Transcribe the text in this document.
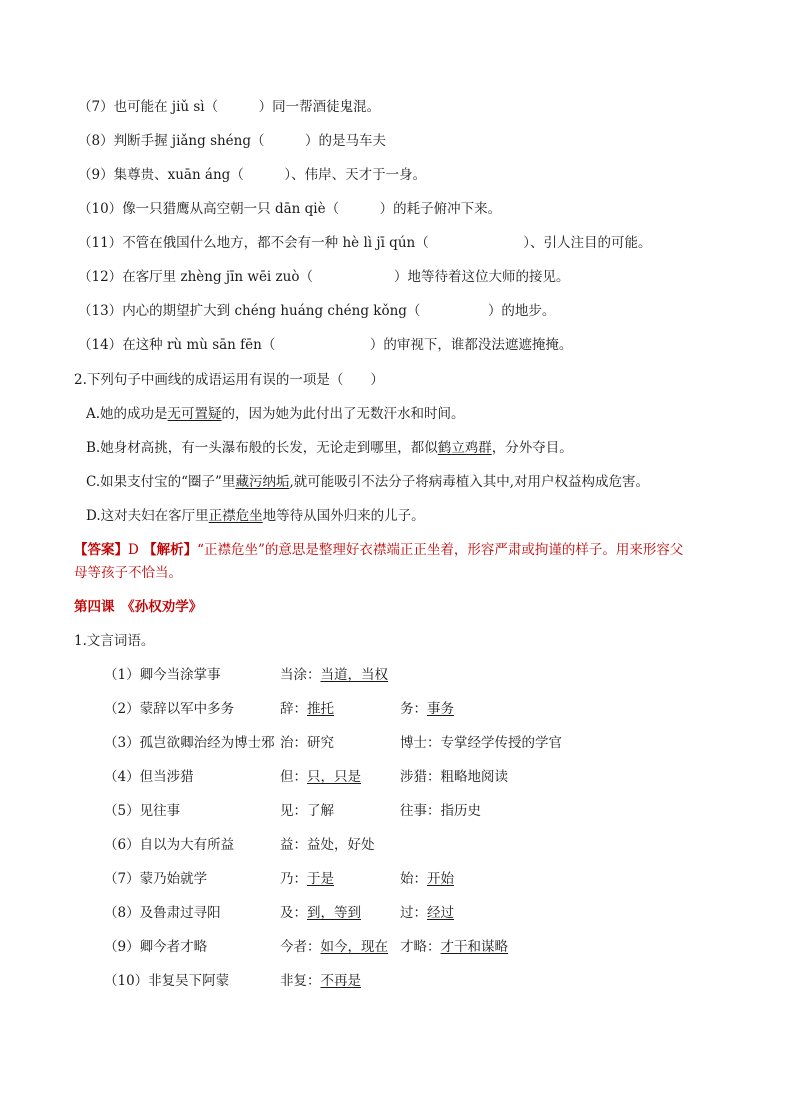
（7）也可能在 jiǔ sì（　　　	）同一帮酒徒鬼混。
（8）判断手握 jiǎng shéng（　　　	）的是马车夫
（9）集尊贵、xuān áng（　　　	）、伟岸、天才于一身。
（10）像一只猎鹰从高空朝一只 dān qiè（　　　	）的耗子俯冲下来。
（11）不管在俄国什么地方，都不会有一种 hè lì jī qún（　　　　　　　	）、引人注目的可能。
（12）在客厅里 zhèng jīn wēi zuò（　　　　　　	）地等待着这位大师的接见。
（13）内心的期望扩大到 chéng huáng chéng kǒng（　　　　　	）的地步。
（14）在这种 rù mù sān fēn（　　　　　　　	）的审视下，谁都没法遮遮掩掩。
2.下列句子中画线的成语运用有误的一项是（　　）
A.她的成功是无可置疑的，因为她为此付出了无数汗水和时间。
B.她身材高挑，有一头瀑布般的长发，无论走到哪里，都似鹤立鸡群，分外夺目。
C.如果支付宝的“圈子”里藏污纳垢,就可能吸引不法分子将病毒植入其中,对用户权益构成危害。
D.这对夫妇在客厅里正襟危坐地等待从国外归来的儿子。
【答案】D 【解析】“正襟危坐”的意思是整理好衣襟端正正坐着，形容严肃或拘谨的样子。用来形容父
母等孩子不恰当。
第四课　《孙权劝学》
1.文言词语。
（1）卿今当涂掌事	当涂：当道，当权
（2）蒙辞以军中多务	辞：推托	务：事务
（3）孤岂欲卿治经为博士邪 治：研究	博士：专掌经学传授的学官
（4）但当涉猎	但：只，只是	涉猎：粗略地阅读
（5）见往事	见：了解	往事：指历史
（6）自以为大有所益	益：益处，好处
（7）蒙乃始就学	乃：于是	始：开始
（8）及鲁肃过寻阳	及：到，等到	过：经过
（9）卿今者才略	今者：如今，现在 才略：才干和谋略
（10）非复吴下阿蒙	非复：不再是
